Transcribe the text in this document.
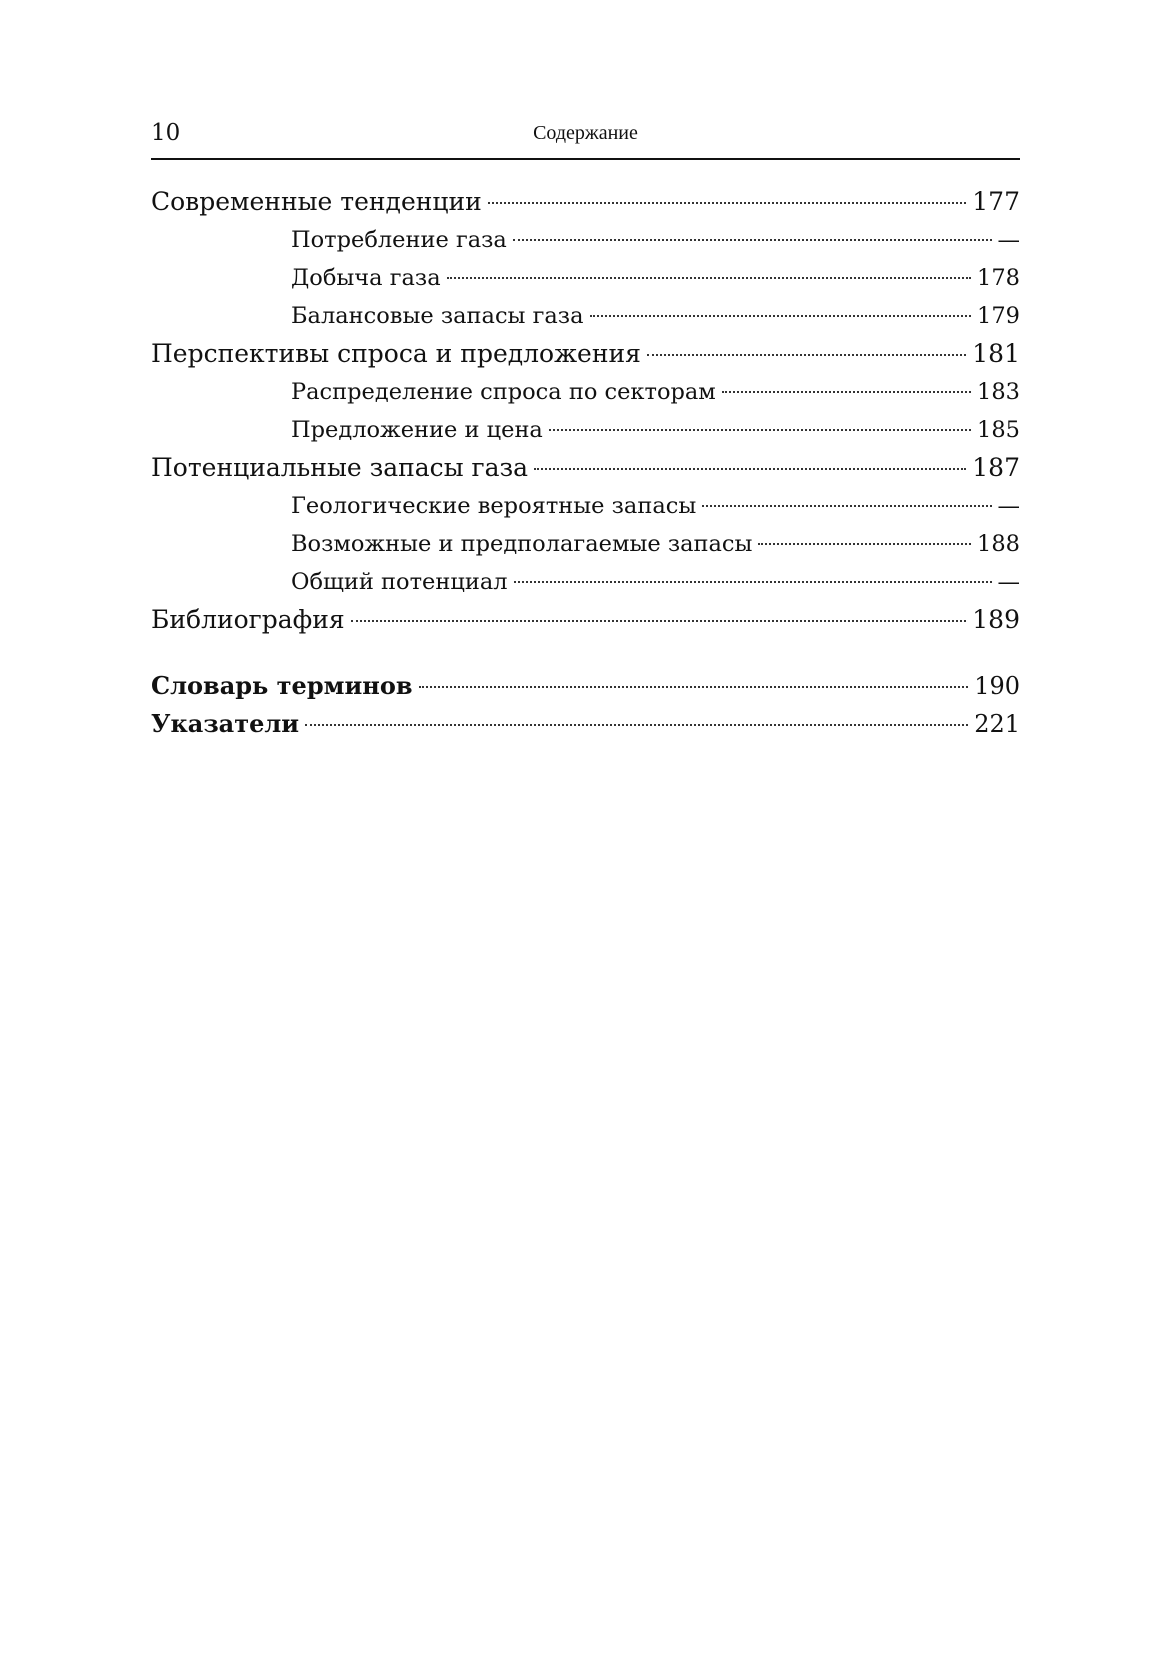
10	Содержание
Современные тенденции	177
Потребление газа	—
Добыча газа	178
Балансовые запасы газа	179
Перспективы спроса и предложения	181
Распределение спроса по секторам	183
Предложение и цена	185
Потенциальные запасы газа	187
Геологические вероятные запасы	—
Возможные и предполагаемые запасы	188
Общий потенциал	—
Библиография	189
Словарь терминов	190
Указатели	221
